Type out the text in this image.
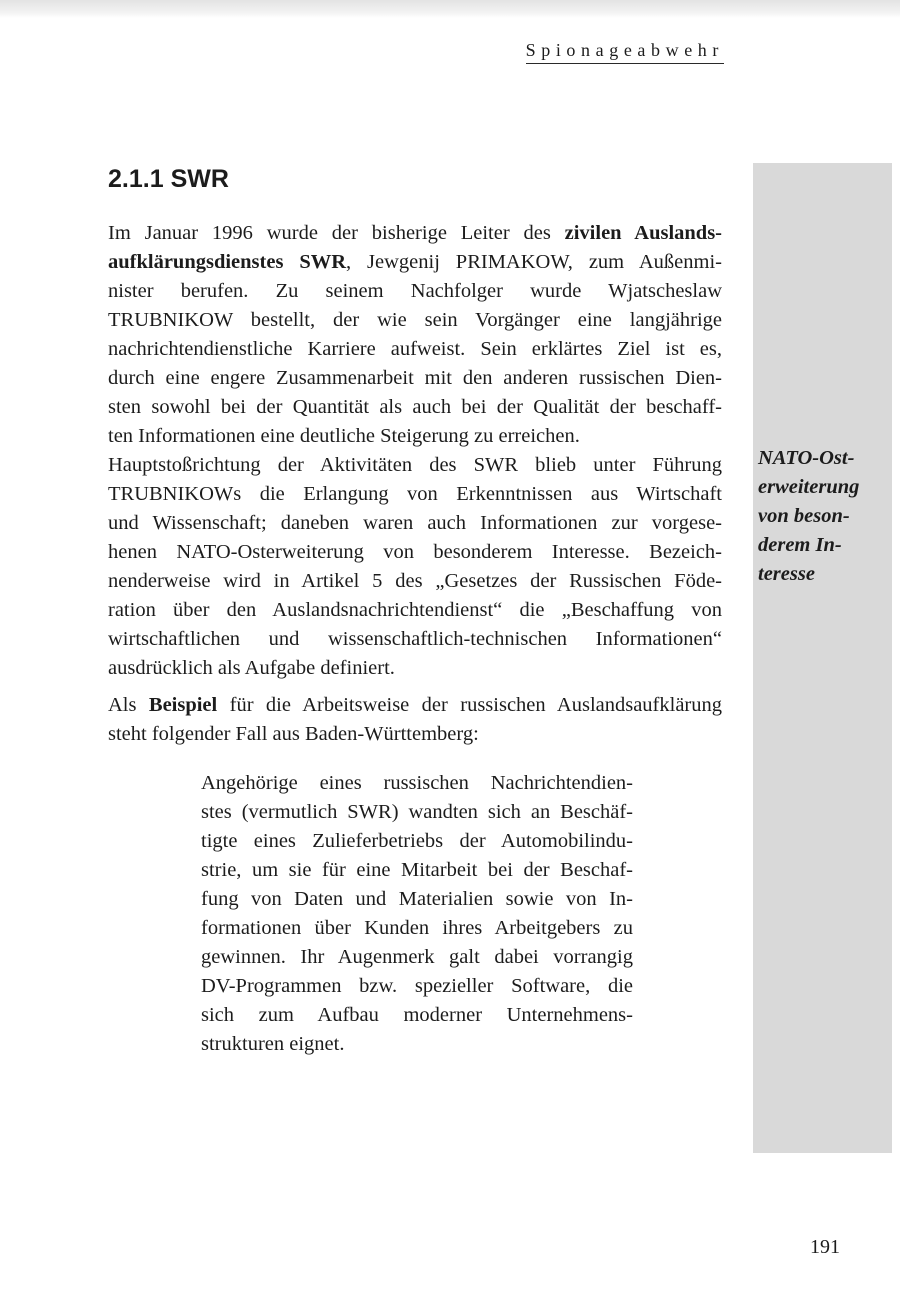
Spionageabwehr
NATO-Ost-
erweiterung
von beson-
derem In-
teresse
2.1.1 SWR
Im Januar 1996 wurde der bisherige Leiter des zivilen Auslands-
aufklärungsdienstes SWR, Jewgenij PRIMAKOW, zum Außenmi-
nister berufen. Zu seinem Nachfolger wurde Wjatscheslaw
TRUBNIKOW bestellt, der wie sein Vorgänger eine langjährige
nachrichtendienstliche Karriere aufweist. Sein erklärtes Ziel ist es,
durch eine engere Zusammenarbeit mit den anderen russischen Dien-
sten sowohl bei der Quantität als auch bei der Qualität der beschaff-
ten Informationen eine deutliche Steigerung zu erreichen.
Hauptstoßrichtung der Aktivitäten des SWR blieb unter Führung
TRUBNIKOWs die Erlangung von Erkenntnissen aus Wirtschaft
und Wissenschaft; daneben waren auch Informationen zur vorgese-
henen NATO-Osterweiterung von besonderem Interesse. Bezeich-
nenderweise wird in Artikel 5 des „Gesetzes der Russischen Föde-
ration über den Auslandsnachrichtendienst“ die „Beschaffung von
wirtschaftlichen und wissenschaftlich-technischen Informationen“
ausdrücklich als Aufgabe definiert.
Als Beispiel für die Arbeitsweise der russischen Auslandsaufklärung
steht folgender Fall aus Baden-Württemberg:
Angehörige eines russischen Nachrichtendien-
stes (vermutlich SWR) wandten sich an Beschäf-
tigte eines Zulieferbetriebs der Automobilindu-
strie, um sie für eine Mitarbeit bei der Beschaf-
fung von Daten und Materialien sowie von In-
formationen über Kunden ihres Arbeitgebers zu
gewinnen. Ihr Augenmerk galt dabei vorrangig
DV-Programmen bzw. spezieller Software, die
sich zum Aufbau moderner Unternehmens-
strukturen eignet.
191
